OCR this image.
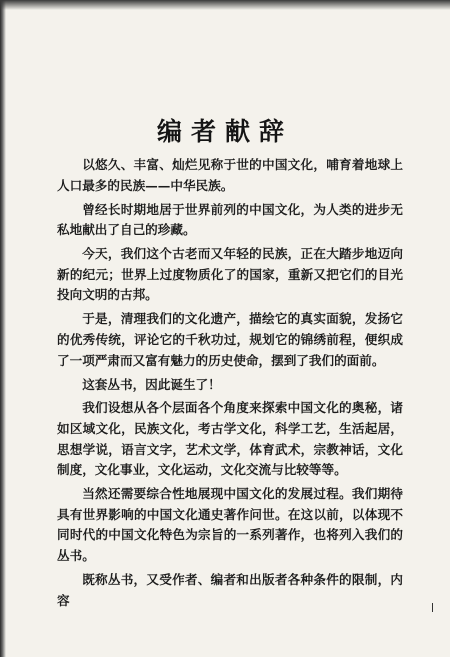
编者献辞

以悠久、丰富、灿烂见称于世的中国文化，哺育着地球上人口最多的民族——中华民族。

曾经长时期地居于世界前列的中国文化，为人类的进步无私地献出了自己的珍藏。

今天，我们这个古老而又年轻的民族，正在大踏步地迈向新的纪元；世界上过度物质化了的国家，重新又把它们的目光投向文明的古邦。

于是，清理我们的文化遗产，描绘它的真实面貌，发扬它的优秀传统，评论它的千秋功过，规划它的锦绣前程，便织成了一项严肃而又富有魅力的历史使命，摆到了我们的面前。

这套丛书，因此诞生了！

我们设想从各个层面各个角度来探索中国文化的奥秘，诸如区域文化，民族文化，考古学文化，科学工艺，生活起居，思想学说，语言文字，艺术文学，体育武术，宗教神话，文化制度，文化事业，文化运动，文化交流与比较等等。

当然还需要综合性地展现中国文化的发展过程。我们期待具有世界影响的中国文化通史著作问世。在这以前，以体现不同时代的中国文化特色为宗旨的一系列著作，也将列入我们的丛书。

既称丛书，又受作者、编者和出版者各种条件的限制，内容
